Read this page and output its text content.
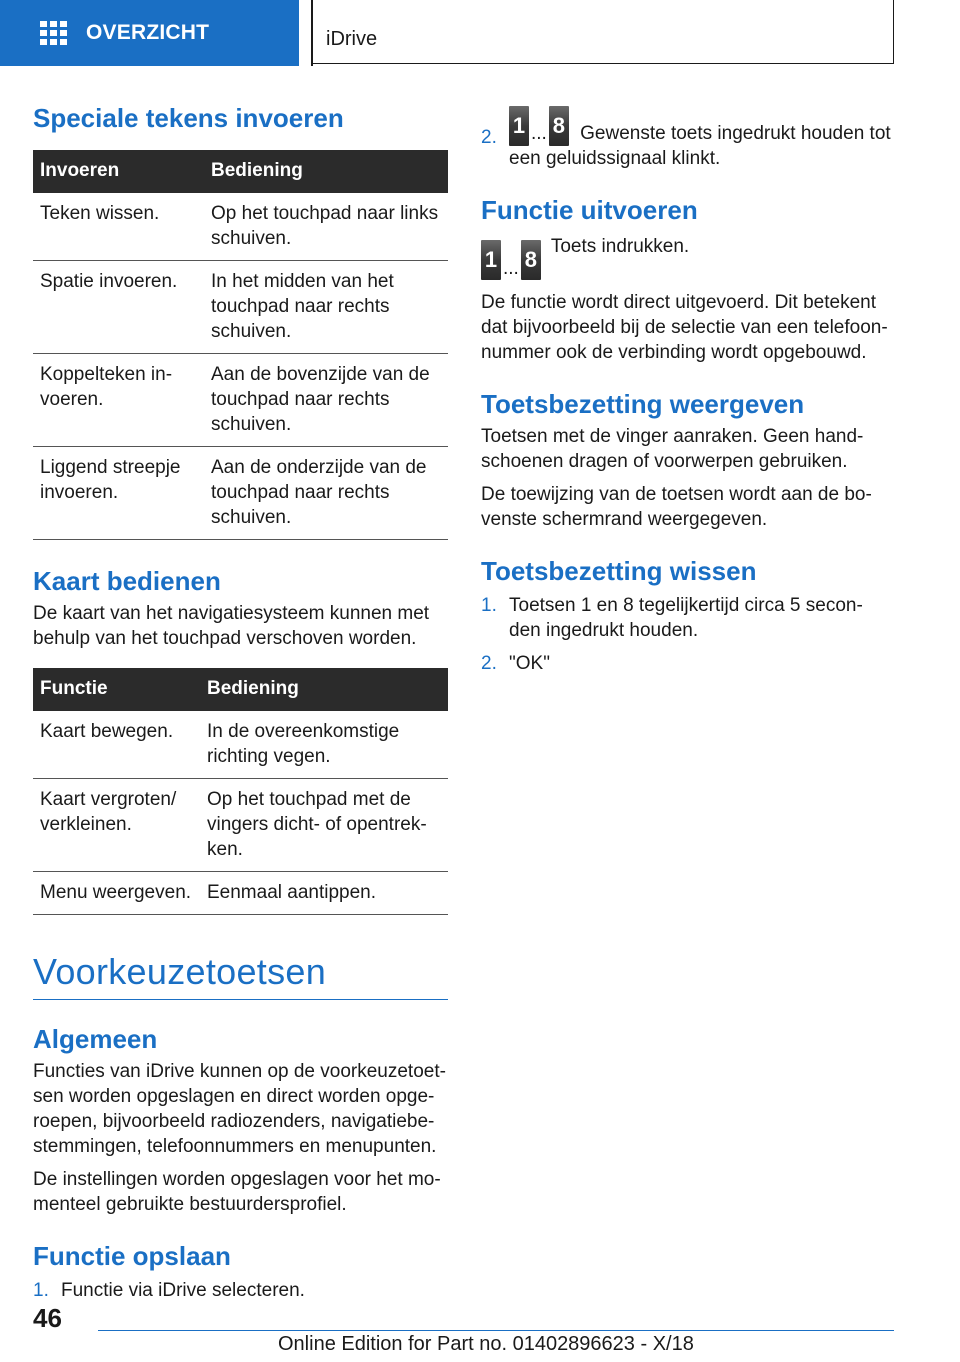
OVERZICHT	iDrive
Speciale tekens invoeren
Invoeren	Bediening
Teken wissen.	Op het touchpad naar links schuiven.
Spatie invoeren.	In het midden van het touchpad naar rechts schuiven.
Koppelteken in-voeren.	Aan de bovenzijde van de touchpad naar rechts schuiven.
Liggend streepje invoeren.	Aan de onderzijde van de touchpad naar rechts schuiven.
Kaart bedienen

De kaart van het navigatiesysteem kunnen met behulp van het touchpad verschoven worden.

Functie	Bediening
Kaart bewegen.	In de overeenkomstige richting vegen.
Kaart vergroten/ verkleinen.	Op het touchpad met de vingers dicht- of opentrek-ken.
Menu weergeven.	Eenmaal aantippen.
Voorkeuzetoetsen
Algemeen

Functies van iDrive kunnen op de voorkeuzetoet-sen worden opgeslagen en direct worden opge-roepen, bijvoorbeeld radiozenders, navigatiebe-stemmingen, telefoonnummers en menupunten.

De instellingen worden opgeslagen voor het mo-menteel gebruikte bestuurdersprofiel.

Functie opslaan
1. Functie via iDrive selecteren.
2. 1 ... 8 Gewenste toets ingedrukt houden tot een geluidssignaal klinkt.
Functie uitvoeren
1 ... 8
Toets indrukken.

De functie wordt direct uitgevoerd. Dit betekent dat bijvoorbeeld bij de selectie van een telefoon-nummer ook de verbinding wordt opgebouwd.

Toetsbezetting weergeven

Toetsen met de vinger aanraken. Geen hand-schoenen dragen of voorwerpen gebruiken.

De toewijzing van de toetsen wordt aan de bo-venste schermrand weergegeven.

Toetsbezetting wissen
1. Toetsen 1 en 8 tegelijkertijd circa 5 secon-den ingedrukt houden.
2. "OK"
46
Online Edition for Part no. 01402896623 - X/18
